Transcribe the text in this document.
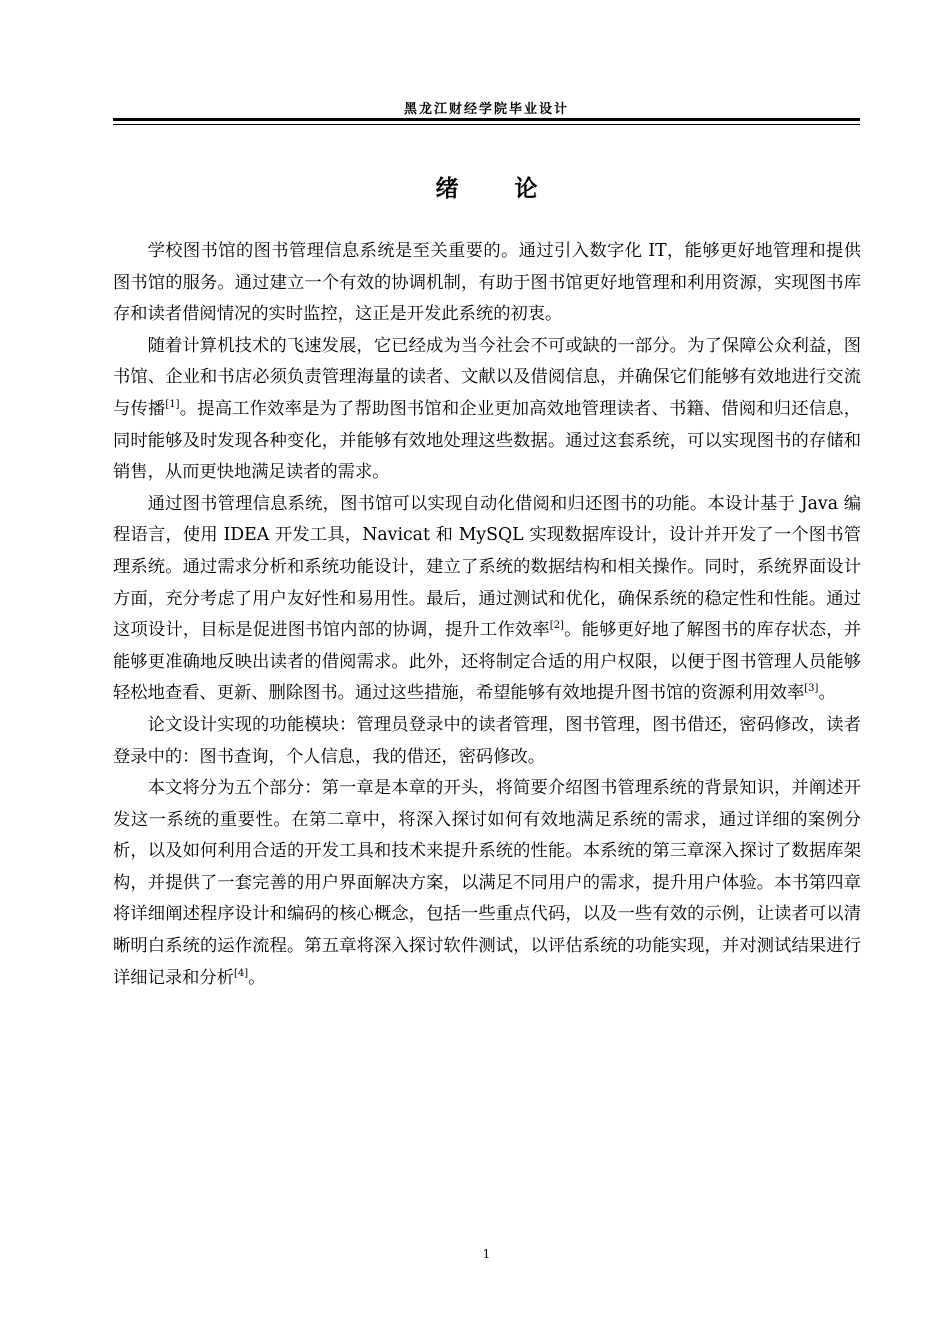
黑龙江财经学院毕业设计
绪 论

学校图书馆的图书管理信息系统是至关重要的。通过引入数字化 IT，能够更好地管理和提供图书馆的服务。通过建立一个有效的协调机制，有助于图书馆更好地管理和利用资源，实现图书库存和读者借阅情况的实时监控，这正是开发此系统的初衷。

随着计算机技术的飞速发展，它已经成为当今社会不可或缺的一部分。为了保障公众利益，图书馆、企业和书店必须负责管理海量的读者、文献以及借阅信息，并确保它们能够有效地进行交流与传播[1]。提高工作效率是为了帮助图书馆和企业更加高效地管理读者、书籍、借阅和归还信息，同时能够及时发现各种变化，并能够有效地处理这些数据。通过这套系统，可以实现图书的存储和销售，从而更快地满足读者的需求。

通过图书管理信息系统，图书馆可以实现自动化借阅和归还图书的功能。本设计基于 Java 编程语言，使用 IDEA 开发工具，Navicat 和 MySQL 实现数据库设计，设计并开发了一个图书管理系统。通过需求分析和系统功能设计，建立了系统的数据结构和相关操作。同时，系统界面设计方面，充分考虑了用户友好性和易用性。最后，通过测试和优化，确保系统的稳定性和性能。通过这项设计，目标是促进图书馆内部的协调，提升工作效率[2]。能够更好地了解图书的库存状态，并能够更准确地反映出读者的借阅需求。此外，还将制定合适的用户权限，以便于图书管理人员能够轻松地查看、更新、删除图书。通过这些措施，希望能够有效地提升图书馆的资源利用效率[3]。

论文设计实现的功能模块：管理员登录中的读者管理，图书管理，图书借还，密码修改，读者登录中的：图书查询，个人信息，我的借还，密码修改。

本文将分为五个部分：第一章是本章的开头，将简要介绍图书管理系统的背景知识，并阐述开发这一系统的重要性。在第二章中，将深入探讨如何有效地满足系统的需求，通过详细的案例分析，以及如何利用合适的开发工具和技术来提升系统的性能。本系统的第三章深入探讨了数据库架构，并提供了一套完善的用户界面解决方案，以满足不同用户的需求，提升用户体验。本书第四章将详细阐述程序设计和编码的核心概念，包括一些重点代码，以及一些有效的示例，让读者可以清晰明白系统的运作流程。第五章将深入探讨软件测试，以评估系统的功能实现，并对测试结果进行详细记录和分析[4]。

1
